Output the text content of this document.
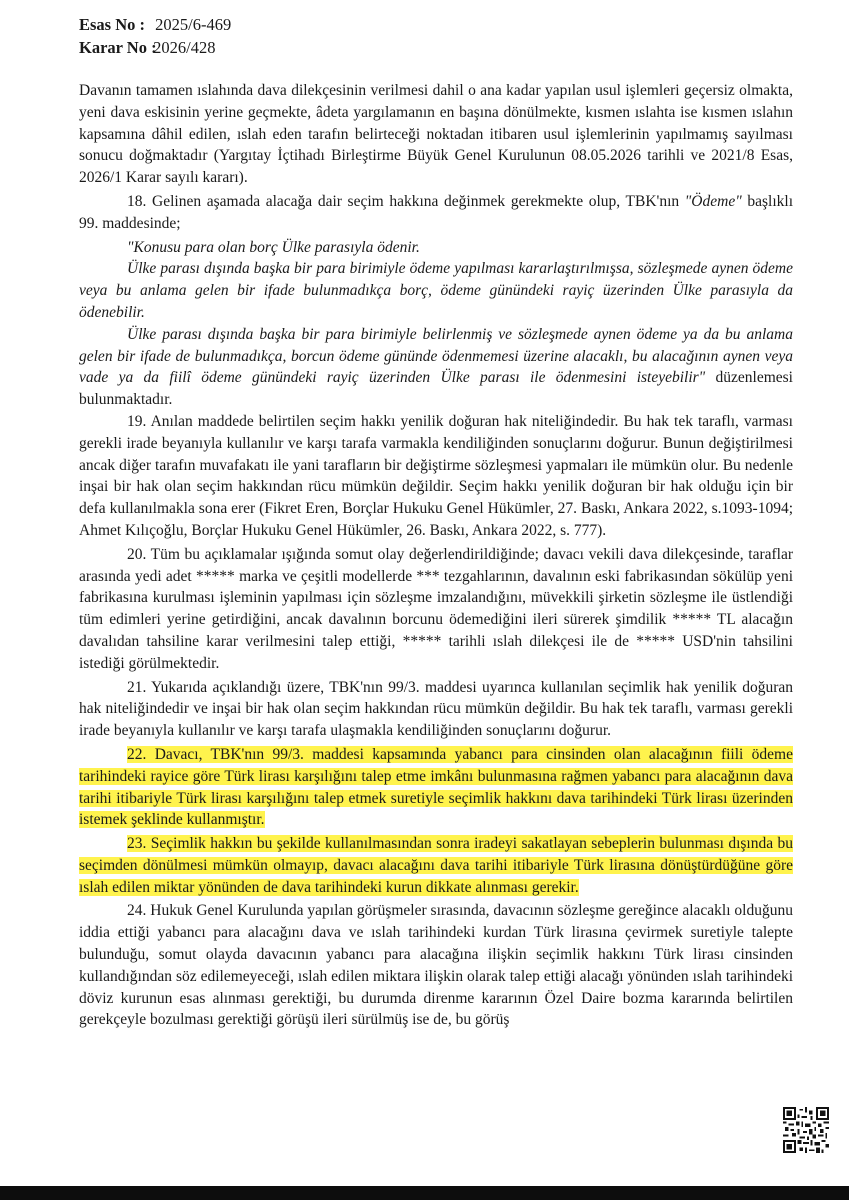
Esas No : 2025/6-469
Karar No : 2026/428

Davanın tamamen ıslahında dava dilekçesinin verilmesi dahil o ana kadar yapılan usul işlemleri geçersiz olmakta, yeni dava eskisinin yerine geçmekte, âdeta yargılamanın en başına dönülmekte, kısmen ıslahta ise kısmen ıslahın kapsamına dâhil edilen, ıslah eden tarafın belirteceği noktadan itibaren usul işlemlerinin yapılmamış sayılması sonucu doğmaktadır (Yargıtay İçtihadı Birleştirme Büyük Genel Kurulunun 08.05.2026 tarihli ve 2021/8 Esas, 2026/1 Karar sayılı kararı).

18. Gelinen aşamada alacağa dair seçim hakkına değinmek gerekmekte olup, TBK'nın "Ödeme" başlıklı 99. maddesinde;

"Konusu para olan borç Ülke parasıyla ödenir.

Ülke parası dışında başka bir para birimiyle ödeme yapılması kararlaştırılmışsa, sözleşmede aynen ödeme veya bu anlama gelen bir ifade bulunmadıkça borç, ödeme günündeki rayiç üzerinden Ülke parasıyla da ödenebilir.

Ülke parası dışında başka bir para birimiyle belirlenmiş ve sözleşmede aynen ödeme ya da bu anlama gelen bir ifade de bulunmadıkça, borcun ödeme gününde ödenmemesi üzerine alacaklı, bu alacağının aynen veya vade ya da fiilî ödeme günündeki rayiç üzerinden Ülke parası ile ödenmesini isteyebilir" düzenlemesi bulunmaktadır.

19. Anılan maddede belirtilen seçim hakkı yenilik doğuran hak niteliğindedir. Bu hak tek taraflı, varması gerekli irade beyanıyla kullanılır ve karşı tarafa varmakla kendiliğinden sonuçlarını doğurur. Bunun değiştirilmesi ancak diğer tarafın muvafakatı ile yani tarafların bir değiştirme sözleşmesi yapmaları ile mümkün olur. Bu nedenle inşai bir hak olan seçim hakkından rücu mümkün değildir. Seçim hakkı yenilik doğuran bir hak olduğu için bir defa kullanılmakla sona erer (Fikret Eren, Borçlar Hukuku Genel Hükümler, 27. Baskı, Ankara 2022, s.1093-1094; Ahmet Kılıçoğlu, Borçlar Hukuku Genel Hükümler, 26. Baskı, Ankara 2022, s. 777).

20. Tüm bu açıklamalar ışığında somut olay değerlendirildiğinde; davacı vekili dava dilekçesinde, taraflar arasında yedi adet ***** marka ve çeşitli modellerde *** tezgahlarının, davalının eski fabrikasından sökülüp yeni fabrikasına kurulması işleminin yapılması için sözleşme imzalandığını, müvekkili şirketin sözleşme ile üstlendiği tüm edimleri yerine getirdiğini, ancak davalının borcunu ödemediğini ileri sürerek şimdilik ***** TL alacağın davalıdan tahsiline karar verilmesini talep ettiği, ***** tarihli ıslah dilekçesi ile de ***** USD'nin tahsilini istediği görülmektedir.

21. Yukarıda açıklandığı üzere, TBK'nın 99/3. maddesi uyarınca kullanılan seçimlik hak yenilik doğuran hak niteliğindedir ve inşai bir hak olan seçim hakkından rücu mümkün değildir. Bu hak tek taraflı, varması gerekli irade beyanıyla kullanılır ve karşı tarafa ulaşmakla kendiliğinden sonuçlarını doğurur.

22. Davacı, TBK'nın 99/3. maddesi kapsamında yabancı para cinsinden olan alacağının fiili ödeme tarihindeki rayice göre Türk lirası karşılığını talep etme imkânı bulunmasına rağmen yabancı para alacağının dava tarihi itibariyle Türk lirası karşılığını talep etmek suretiyle seçimlik hakkını dava tarihindeki Türk lirası üzerinden istemek şeklinde kullanmıştır.

23. Seçimlik hakkın bu şekilde kullanılmasından sonra iradeyi sakatlayan sebeplerin bulunması dışında bu seçimden dönülmesi mümkün olmayıp, davacı alacağını dava tarihi itibariyle Türk lirasına dönüştürdüğüne göre ıslah edilen miktar yönünden de dava tarihindeki kurun dikkate alınması gerekir.

24. Hukuk Genel Kurulunda yapılan görüşmeler sırasında, davacının sözleşme gereğince alacaklı olduğunu iddia ettiği yabancı para alacağını dava ve ıslah tarihindeki kurdan Türk lirasına çevirmek suretiyle talepte bulunduğu, somut olayda davacının yabancı para alacağına ilişkin seçimlik hakkını Türk lirası cinsinden kullandığından söz edilemeyeceği, ıslah edilen miktara ilişkin olarak talep ettiği alacağı yönünden ıslah tarihindeki döviz kurunun esas alınması gerektiği, bu durumda direnme kararının Özel Daire bozma kararında belirtilen gerekçeyle bozulması gerektiği görüşü ileri sürülmüş ise de, bu görüş
